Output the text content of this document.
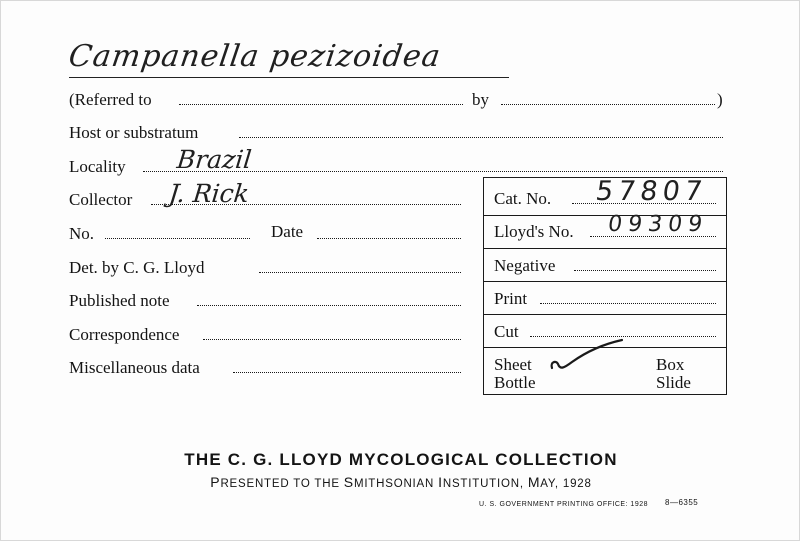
Campanella pezizoidea
(Referred to	by	)
Host or substratum
Locality Brazil
Collector J. Rick
No.	Date
Det. by C. G. Lloyd
Published note
Correspondence
Miscellaneous data
Cat. No. 57807
Lloyd's No. 09309
Negative
Print
Cut
Sheet	Box
Bottle	Slide
THE C. G. LLOYD MYCOLOGICAL COLLECTION
PRESENTED TO THE SMITHSONIAN INSTITUTION, MAY, 1928
U. S. GOVERNMENT PRINTING OFFICE: 1928 8—6355
